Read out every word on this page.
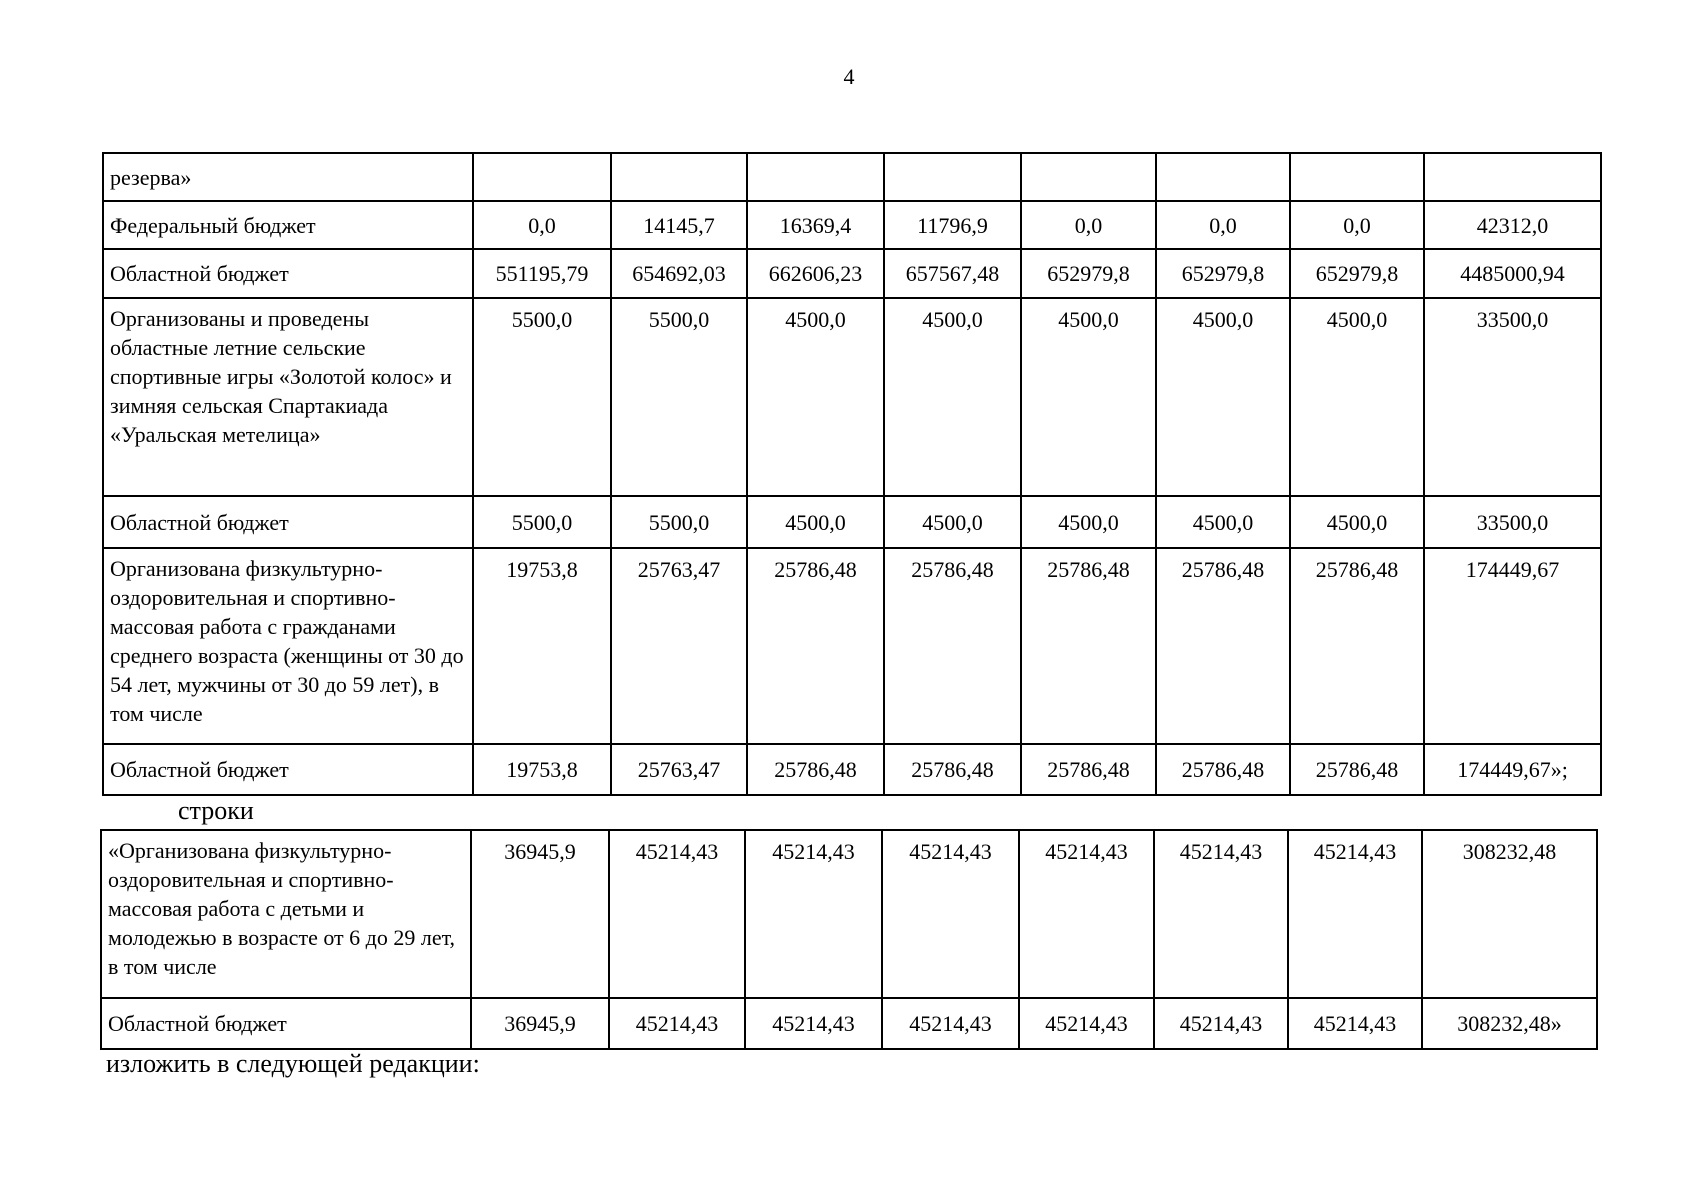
4
резерва»								
Федеральный бюджет	0,0	14145,7	16369,4	11796,9	0,0	0,0	0,0	42312,0
Областной бюджет	551195,79	654692,03	662606,23	657567,48	652979,8	652979,8	652979,8	4485000,94
Организованы и проведены областные летние сельские спортивные игры «Золотой колос» и зимняя сельская Спартакиада «Уральская метелица»	5500,0	5500,0	4500,0	4500,0	4500,0	4500,0	4500,0	33500,0
Областной бюджет	5500,0	5500,0	4500,0	4500,0	4500,0	4500,0	4500,0	33500,0
Организована физкультурно-оздоровительная и спортивно-массовая работа с гражданами среднего возраста (женщины от 30 до 54 лет, мужчины от 30 до 59 лет), в том числе	19753,8	25763,47	25786,48	25786,48	25786,48	25786,48	25786,48	174449,67
Областной бюджет	19753,8	25763,47	25786,48	25786,48	25786,48	25786,48	25786,48	174449,67»;
строки
«Организована физкультурно-оздоровительная и спортивно-массовая работа с детьми и молодежью в возрасте от 6 до 29 лет, в том числе	36945,9	45214,43	45214,43	45214,43	45214,43	45214,43	45214,43	308232,48
Областной бюджет	36945,9	45214,43	45214,43	45214,43	45214,43	45214,43	45214,43	308232,48»
изложить в следующей редакции:
